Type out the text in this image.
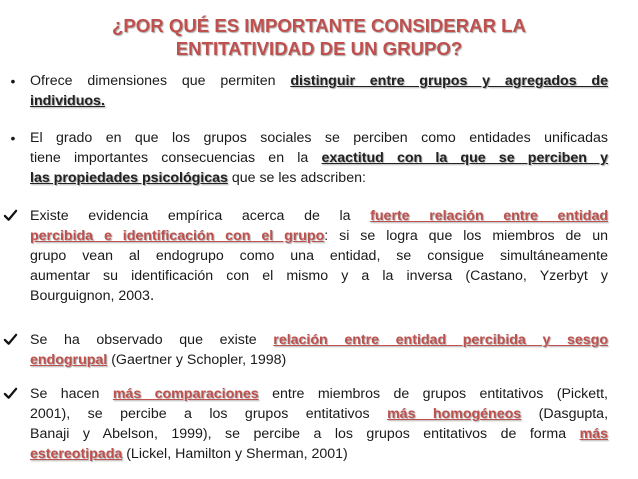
¿POR QUÉ ES IMPORTANTE CONSIDERAR LA
ENTITATIVIDAD DE UN GRUPO?
•	Ofrece dimensiones que permiten distinguir entre grupos y agregados de
individuos.
•	El grado en que los grupos sociales se perciben como entidades unificadas
tiene importantes consecuencias en la exactitud con la que se perciben y
las propiedades psicológicas que se les adscriben:
Existe evidencia empírica acerca de la fuerte relación entre entidad
percibida e identificación con el grupo: si se logra que los miembros de un
grupo vean al endogrupo como una entidad, se consigue simultáneamente
aumentar su identificación con el mismo y a la inversa (Castano, Yzerbyt y
Bourguignon, 2003.
Se ha observado que existe relación entre entidad percibida y sesgo
endogrupal (Gaertner y Schopler, 1998)
Se hacen más comparaciones entre miembros de grupos entitativos (Pickett,
2001), se percibe a los grupos entitativos más homogéneos (Dasgupta,
Banaji y Abelson, 1999), se percibe a los grupos entitativos de forma más
estereotipada (Lickel, Hamilton y Sherman, 2001)
